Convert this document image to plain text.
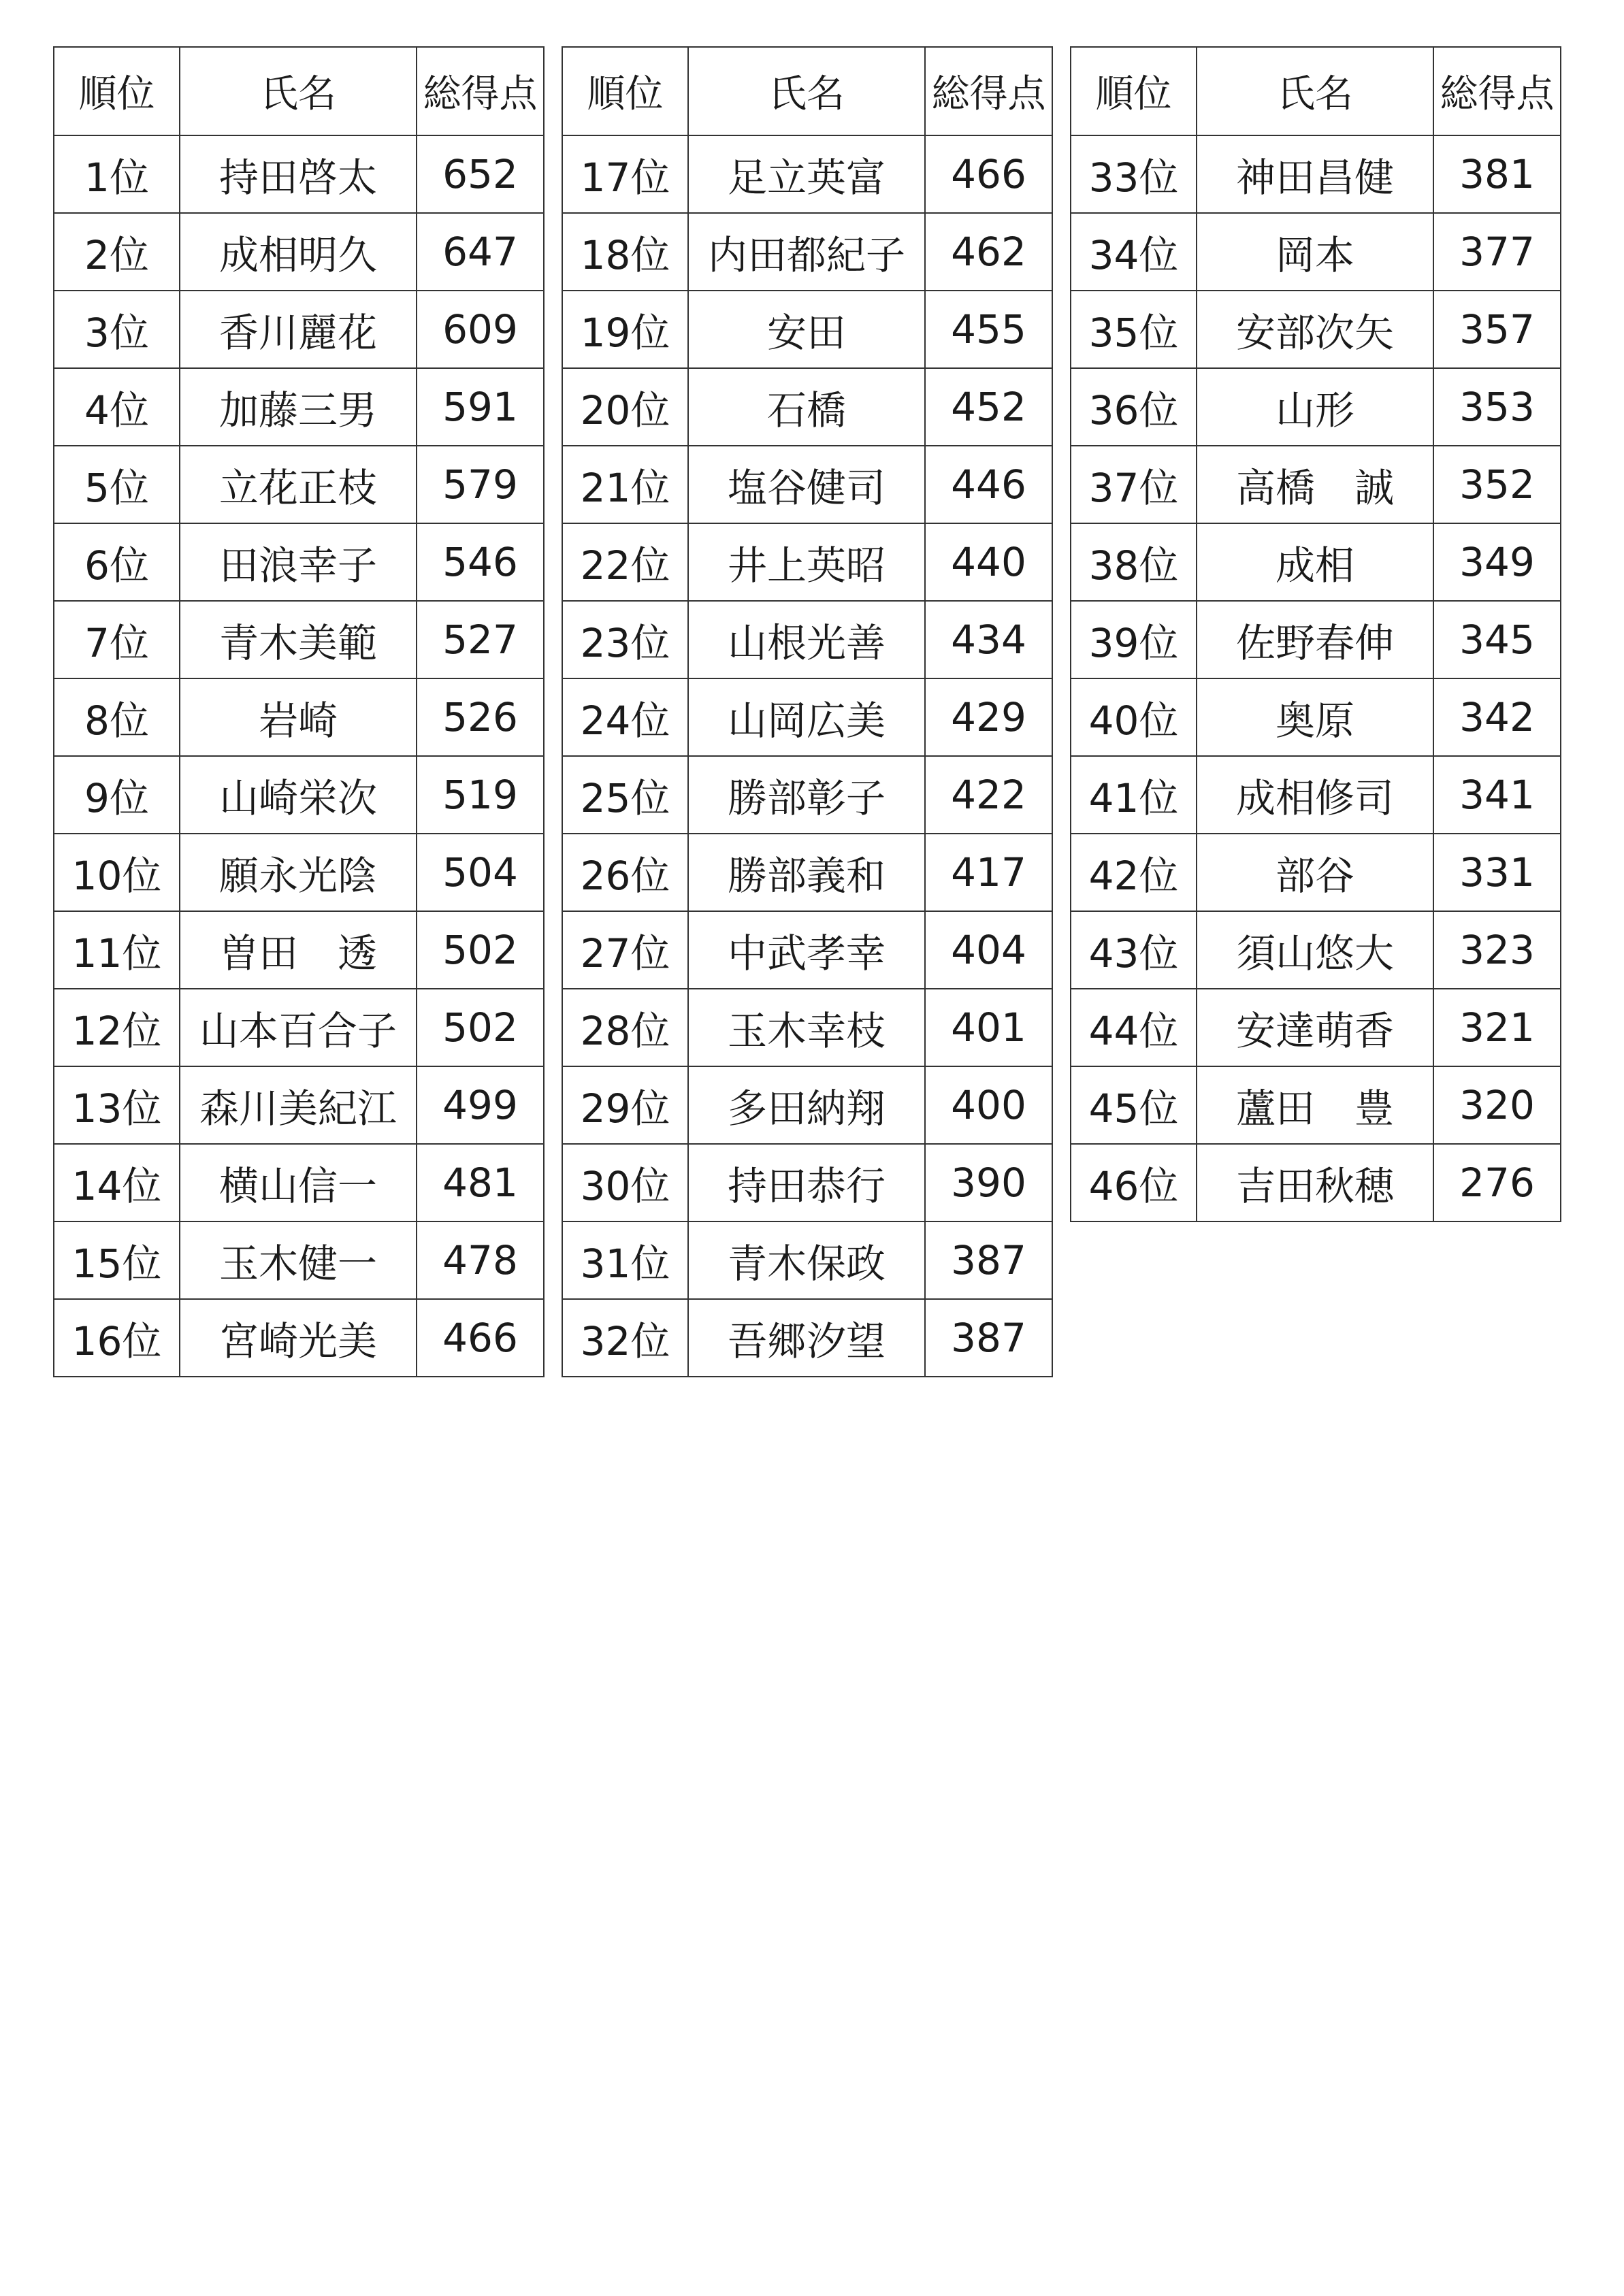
順位	氏名	総得点
1位	持田啓太	652
2位	成相明久	647
3位	香川麗花	609
4位	加藤三男	591
5位	立花正枝	579
6位	田浪幸子	546
7位	青木美範	527
8位	岩崎	526
9位	山崎栄次	519
10位	願永光陰	504
11位	曽田　透	502
12位	山本百合子	502
13位	森川美紀江	499
14位	横山信一	481
15位	玉木健一	478
16位	宮崎光美	466
順位	氏名	総得点
17位	足立英富	466
18位	内田都紀子	462
19位	安田	455
20位	石橋	452
21位	塩谷健司	446
22位	井上英昭	440
23位	山根光善	434
24位	山岡広美	429
25位	勝部彰子	422
26位	勝部義和	417
27位	中武孝幸	404
28位	玉木幸枝	401
29位	多田納翔	400
30位	持田恭行	390
31位	青木保政	387
32位	吾郷汐望	387
順位	氏名	総得点
33位	神田昌健	381
34位	岡本	377
35位	安部次矢	357
36位	山形	353
37位	高橋　誠	352
38位	成相	349
39位	佐野春伸	345
40位	奥原	342
41位	成相修司	341
42位	部谷	331
43位	須山悠大	323
44位	安達萌香	321
45位	蘆田　豊	320
46位	吉田秋穂	276
